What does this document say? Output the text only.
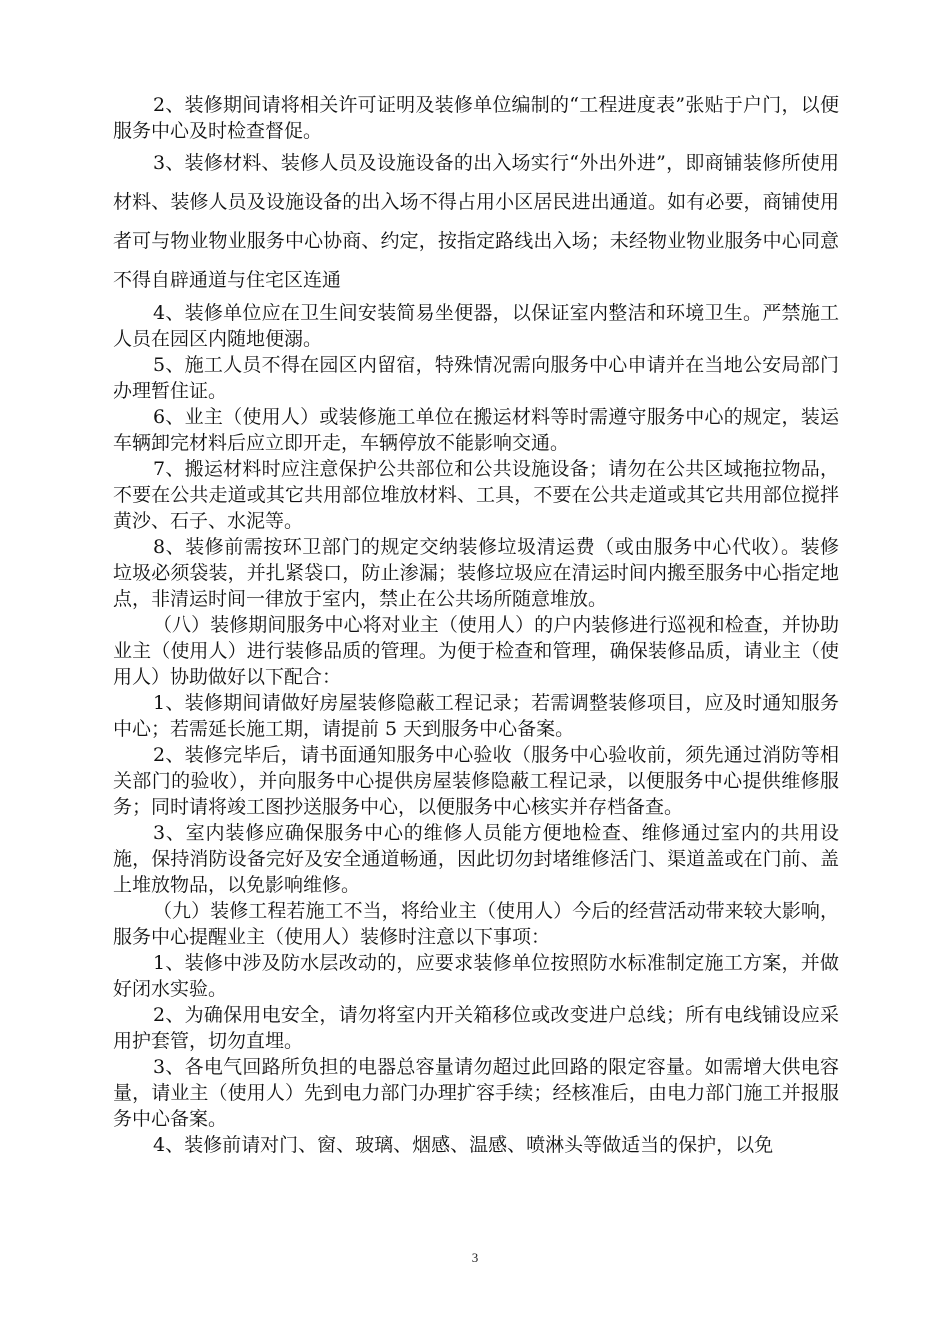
2、装修期间请将相关许可证明及装修单位编制的“工程进度表”张贴于户门，以便服务中心及时检查督促。

3、装修材料、装修人员及设施设备的出入场实行“外出外进”，即商铺装修所使用材料、装修人员及设施设备的出入场不得占用小区居民进出通道。如有必要，商铺使用者可与物业物业服务中心协商、约定，按指定路线出入场；未经物业物业服务中心同意不得自辟通道与住宅区连通

4、装修单位应在卫生间安装简易坐便器，以保证室内整洁和环境卫生。严禁施工人员在园区内随地便溺。

5、施工人员不得在园区内留宿，特殊情况需向服务中心申请并在当地公安局部门办理暂住证。

6、业主（使用人）或装修施工单位在搬运材料等时需遵守服务中心的规定，装运车辆卸完材料后应立即开走，车辆停放不能影响交通。

7、搬运材料时应注意保护公共部位和公共设施设备；请勿在公共区域拖拉物品，不要在公共走道或其它共用部位堆放材料、工具，不要在公共走道或其它共用部位搅拌黄沙、石子、水泥等。

8、装修前需按环卫部门的规定交纳装修垃圾清运费（或由服务中心代收）。装修垃圾必须袋装，并扎紧袋口，防止渗漏；装修垃圾应在清运时间内搬至服务中心指定地点，非清运时间一律放于室内，禁止在公共场所随意堆放。

（八）装修期间服务中心将对业主（使用人）的户内装修进行巡视和检查，并协助业主（使用人）进行装修品质的管理。为便于检查和管理，确保装修品质，请业主（使用人）协助做好以下配合：

1、装修期间请做好房屋装修隐蔽工程记录；若需调整装修项目，应及时通知服务中心；若需延长施工期，请提前 5 天到服务中心备案。

2、装修完毕后，请书面通知服务中心验收（服务中心验收前，须先通过消防等相关部门的验收），并向服务中心提供房屋装修隐蔽工程记录，以便服务中心提供维修服务；同时请将竣工图抄送服务中心，以便服务中心核实并存档备查。

3、室内装修应确保服务中心的维修人员能方便地检查、维修通过室内的共用设施，保持消防设备完好及安全通道畅通，因此切勿封堵维修活门、渠道盖或在门前、盖上堆放物品，以免影响维修。

（九）装修工程若施工不当，将给业主（使用人）今后的经营活动带来较大影响，服务中心提醒业主（使用人）装修时注意以下事项：

1、装修中涉及防水层改动的，应要求装修单位按照防水标准制定施工方案，并做好闭水实验。

2、为确保用电安全，请勿将室内开关箱移位或改变进户总线；所有电线铺设应采用护套管，切勿直埋。

3、各电气回路所负担的电器总容量请勿超过此回路的限定容量。如需增大供电容量，请业主（使用人）先到电力部门办理扩容手续；经核准后，由电力部门施工并报服务中心备案。

4、装修前请对门、窗、玻璃、烟感、温感、喷淋头等做适当的保护，以免

3
